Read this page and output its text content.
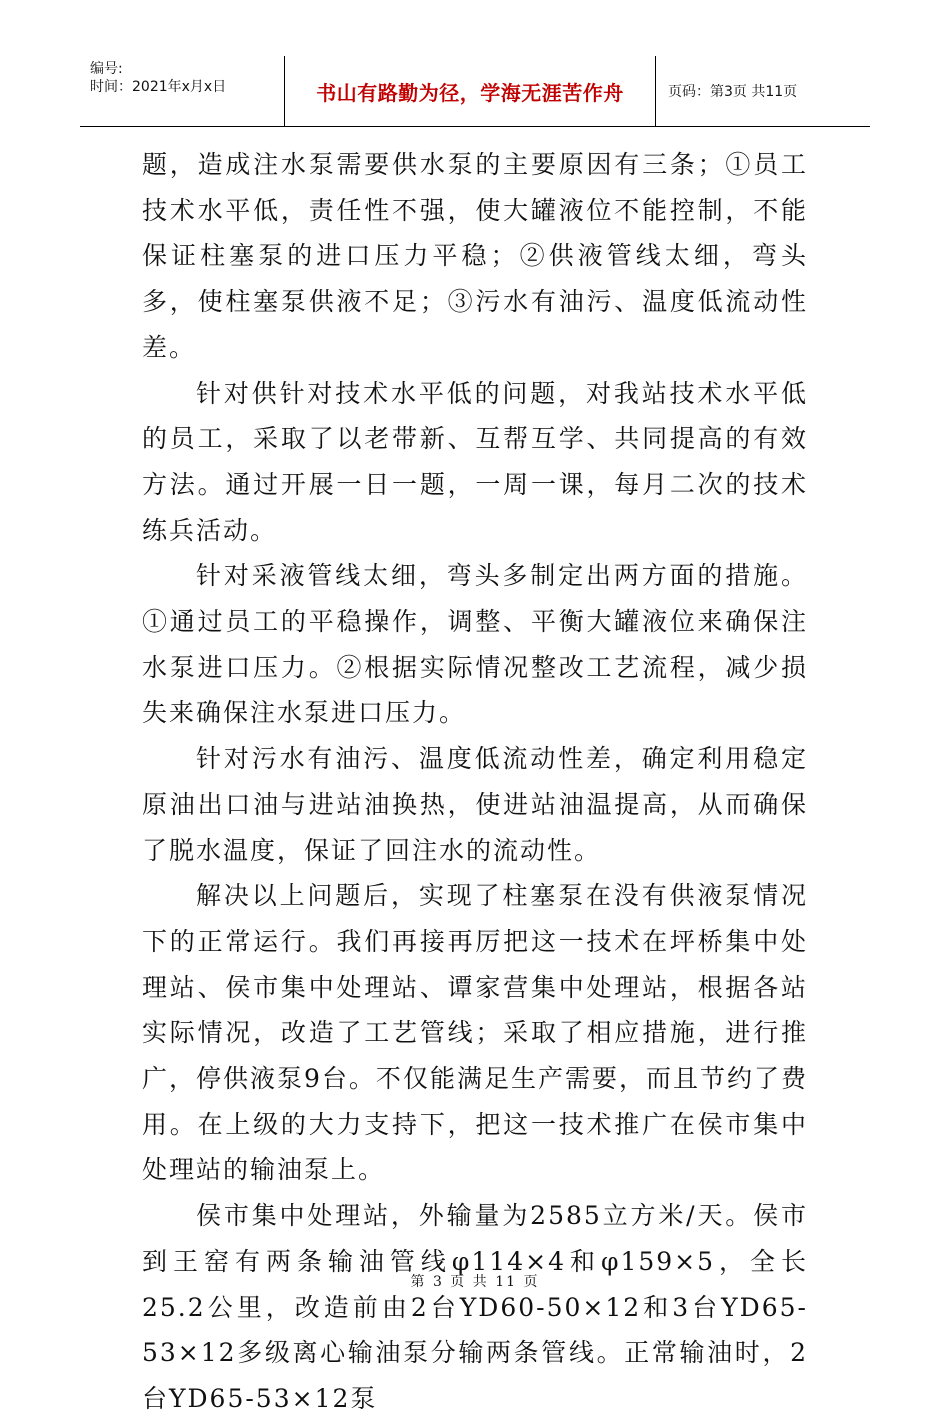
编号:
时间：2021年x月x日	书山有路勤为径，学海无涯苦作舟	页码：第3页 共11页

题，造成注水泵需要供水泵的主要原因有三条；①员工技术水平低，责任性不强，使大罐液位不能控制，不能保证柱塞泵的进口压力平稳；②供液管线太细，弯头多，使柱塞泵供液不足；③污水有油污、温度低流动性差。

针对供针对技术水平低的问题，对我站技术水平低的员工，采取了以老带新、互帮互学、共同提高的有效方法。通过开展一日一题，一周一课，每月二次的技术练兵活动。

针对采液管线太细，弯头多制定出两方面的措施。①通过员工的平稳操作，调整、平衡大罐液位来确保注水泵进口压力。②根据实际情况整改工艺流程，减少损失来确保注水泵进口压力。

针对污水有油污、温度低流动性差，确定利用稳定原油出口油与进站油换热，使进站油温提高，从而确保了脱水温度，保证了回注水的流动性。

解决以上问题后，实现了柱塞泵在没有供液泵情况下的正常运行。我们再接再厉把这一技术在坪桥集中处理站、侯市集中处理站、谭家营集中处理站，根据各站实际情况，改造了工艺管线；采取了相应措施，进行推广，停供液泵9台。不仅能满足生产需要，而且节约了费用。在上级的大力支持下，把这一技术推广在侯市集中处理站的输油泵上。

侯市集中处理站，外输量为2585立方米/天。侯市到王窑有两条输油管线φ114×4和φ159×5，全长25.2公里，改造前由2台YD60-50×12和3台YD65-53×12多级离心输油泵分输两条管线。正常输油时，2台YD65-53×12泵

第 3 页 共 11 页
